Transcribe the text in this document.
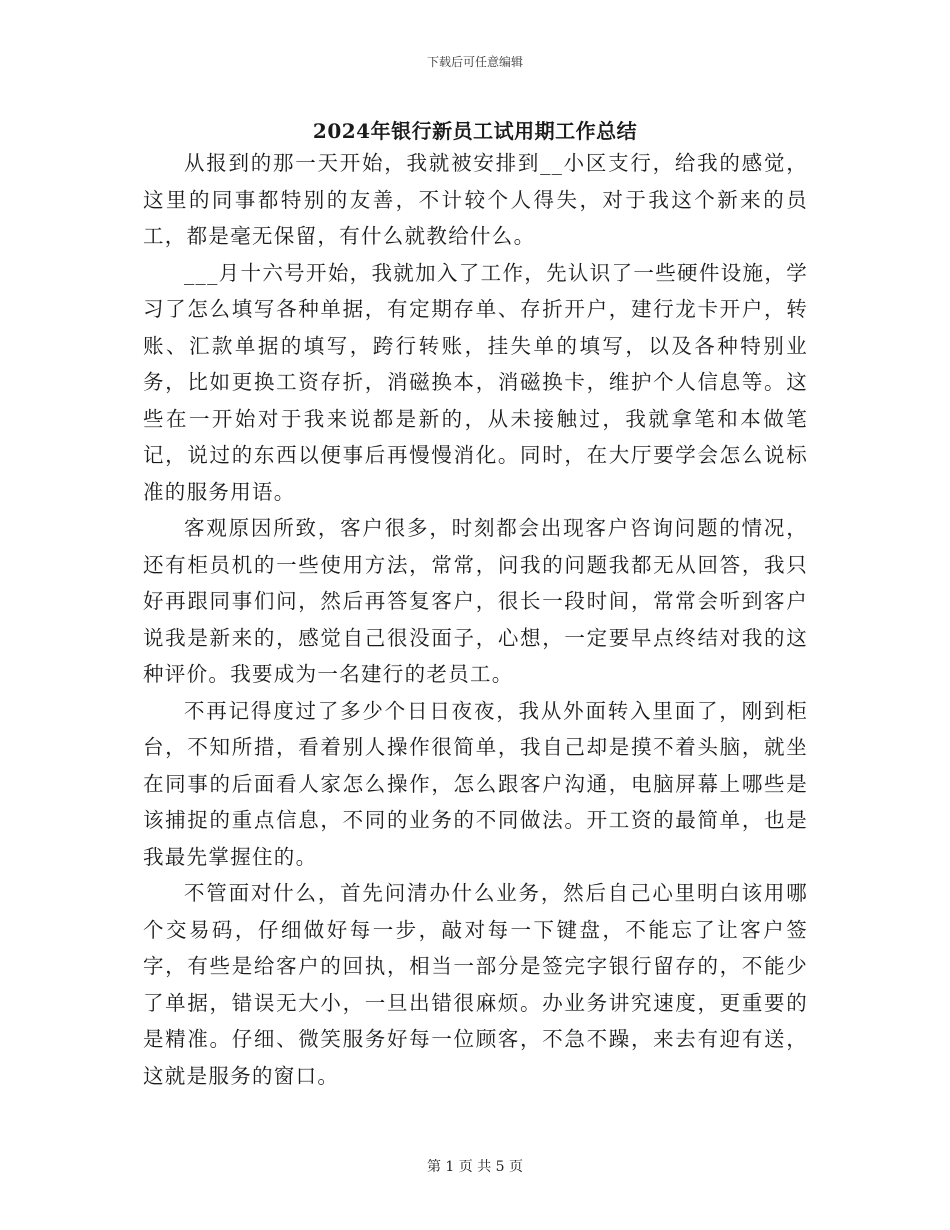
下载后可任意编辑
2024年银行新员工试用期工作总结

从报到的那一天开始，我就被安排到__小区支行，给我的感觉，这里的同事都特别的友善，不计较个人得失，对于我这个新来的员工，都是毫无保留，有什么就教给什么。

___月十六号开始，我就加入了工作，先认识了一些硬件设施，学习了怎么填写各种单据，有定期存单、存折开户，建行龙卡开户，转账、汇款单据的填写，跨行转账，挂失单的填写，以及各种特别业务，比如更换工资存折，消磁换本，消磁换卡，维护个人信息等。这些在一开始对于我来说都是新的，从未接触过，我就拿笔和本做笔记，说过的东西以便事后再慢慢消化。同时，在大厅要学会怎么说标准的服务用语。

客观原因所致，客户很多，时刻都会出现客户咨询问题的情况，还有柜员机的一些使用方法，常常，问我的问题我都无从回答，我只好再跟同事们问，然后再答复客户，很长一段时间，常常会听到客户说我是新来的，感觉自己很没面子，心想，一定要早点终结对我的这种评价。我要成为一名建行的老员工。

不再记得度过了多少个日日夜夜，我从外面转入里面了，刚到柜台，不知所措，看着别人操作很简单，我自己却是摸不着头脑，就坐在同事的后面看人家怎么操作，怎么跟客户沟通，电脑屏幕上哪些是该捕捉的重点信息，不同的业务的不同做法。开工资的最简单，也是我最先掌握住的。

不管面对什么，首先问清办什么业务，然后自己心里明白该用哪个交易码，仔细做好每一步，敲对每一下键盘，不能忘了让客户签字，有些是给客户的回执，相当一部分是签完字银行留存的，不能少了单据，错误无大小，一旦出错很麻烦。办业务讲究速度，更重要的是精准。仔细、微笑服务好每一位顾客，不急不躁，来去有迎有送，这就是服务的窗口。

第 1 页 共 5 页
